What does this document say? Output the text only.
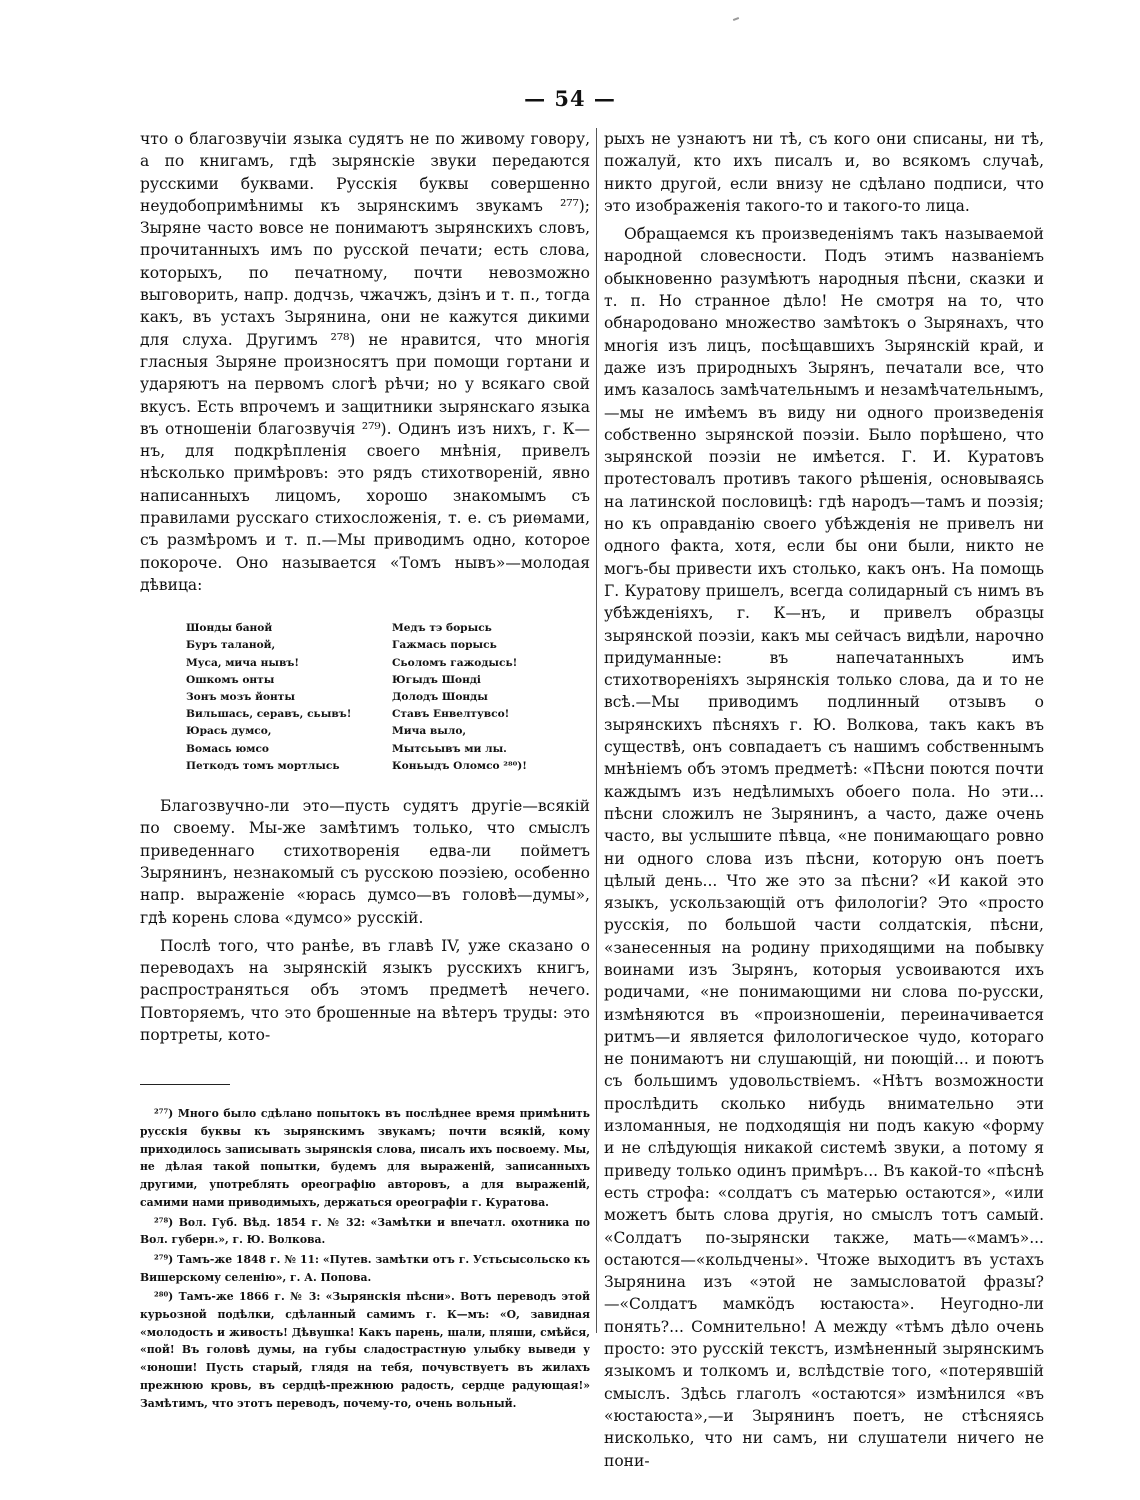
— 54 —

что о благозвучіи языка судятъ не по живому говору, а по книгамъ, гдѣ зырянскіе звуки передаются русскими буквами. Русскія буквы совершенно неудобопримѣнимы къ зырянскимъ звукамъ ²⁷⁷); Зыряне часто вовсе не понимаютъ зырянскихъ словъ, прочитанныхъ имъ по русской печати; есть слова, которыхъ, по печатному, почти невозможно выговорить, напр. додчзь, чжачжъ, дзінъ и т. п., тогда какъ, въ устахъ Зырянина, они не кажутся дикими для слуха. Другимъ ²⁷⁸) не нравится, что многія гласныя Зыряне произносятъ при помощи гортани и ударяютъ на первомъ слогѣ рѣчи; но у всякаго свой вкусъ. Есть впрочемъ и защитники зырянскаго языка въ отношеніи благозвучія ²⁷⁹). Одинъ изъ нихъ, г. К—нъ, для подкрѣпленія своего мнѣнія, привелъ нѣсколько примѣровъ: это рядъ стихотвореній, явно написанныхъ лицомъ, хорошо знакомымъ съ правилами русскаго стихосложенія, т. е. съ риѳмами, съ размѣромъ и т. п.—Мы приводимъ одно, которое покороче. Оно называется «Томъ нывъ»—молодая дѣвица:

Шонды баной
Буръ таланой,
Муса, мича нывъ!
Ошкомъ онты
Зонъ мозъ йонты
Вильшась, серавъ, сьывъ!
Юрась думсо,
Вомась юмсо
Петкодъ томъ мортлысь
Медъ тэ борысь
Гажмась порысь
Сьоломъ гажодысь!
Югыдъ Шондi
Долодъ Шонды
Ставъ Енвелтувсо!
Мича выло,
Мытсьывъ ми лы.
Коньыдъ Оломсо ²⁸⁰)!

Благозвучно-ли это—пусть судятъ другіе—всякій по своему. Мы-же замѣтимъ только, что смыслъ приведеннаго стихотворенія едва-ли пойметъ Зырянинъ, незнакомый съ русскою поэзіею, особенно напр. выраженіе «юрась думсо—въ головѣ—думы», гдѣ корень слова «думсо» русскій.

Послѣ того, что ранѣе, въ главѣ IV, уже сказано о переводахъ на зырянскій языкъ русскихъ книгъ, распространяться объ этомъ предметѣ нечего. Повторяемъ, что это брошенные на вѣтеръ труды: это портреты, кото-

²⁷⁷) Много было сдѣлано попытокъ въ послѣднее время примѣнить русскія буквы къ зырянскимъ звукамъ; почти всякій, кому приходилось записывать зырянскія слова, писалъ ихъ посвоему. Мы, не дѣлая такой попытки, будемъ для выраженій, записанныхъ другими, употреблять ореографію авторовъ, а для выраженій, самими нами приводимыхъ, держаться ореографіи г. Куратова.

²⁷⁸) Вол. Губ. Вѣд. 1854 г. № 32: «Замѣтки и впечатл. охотника по Вол. губерн.», г. Ю. Волкова.

²⁷⁹) Тамъ-же 1848 г. № 11: «Путев. замѣтки отъ г. Устьсысольско къ Вишерскому селенію», г. А. Попова.

²⁸⁰) Тамъ-же 1866 г. № 3: «Зырянскія пѣсни». Вотъ переводъ этой курьозной подѣлки, сдѣланный самимъ г. К—мъ: «О, завидная «молодость и живость! Дѣвушка! Какъ парень, шали, пляши, смѣйся, «пой! Въ головѣ думы, на губы сладострастную улыбку выведи у «юноши! Пусть старый, глядя на тебя, почувствуетъ въ жилахъ прежнюю кровь, въ сердцѣ-прежнюю радость, сердце радующая!» Замѣтимъ, что этотъ переводъ, почему-то, очень вольный.

рыхъ не узнаютъ ни тѣ, съ кого они списаны, ни тѣ, пожалуй, кто ихъ писалъ и, во всякомъ случаѣ, никто другой, если внизу не сдѣлано подписи, что это изображенія такого-то и такого-то лица.

Обращаемся къ произведеніямъ такъ называемой народной словесности. Подъ этимъ названіемъ обыкновенно разумѣютъ народныя пѣсни, сказки и т. п. Но странное дѣло! Не смотря на то, что обнародовано множество замѣтокъ о Зырянахъ, что многія изъ лицъ, посѣщавшихъ Зырянскій край, и даже изъ природныхъ Зырянъ, печатали все, что имъ казалось замѣчательнымъ и незамѣчательнымъ,—мы не имѣемъ въ виду ни одного произведенія собственно зырянской поэзіи. Было порѣшено, что зырянской поэзіи не имѣется. Г. И. Куратовъ протестовалъ противъ такого рѣшенія, основываясь на латинской пословицѣ: гдѣ народъ—тамъ и поэзія; но къ оправданію своего убѣжденія не привелъ ни одного факта, хотя, если бы они были, никто не могъ-бы привести ихъ столько, какъ онъ. На помощь Г. Куратову пришелъ, всегда солидарный съ нимъ въ убѣжденіяхъ, г. К—нъ, и привелъ образцы зырянской поэзіи, какъ мы сейчасъ видѣли, нарочно придуманные: въ напечатанныхъ имъ стихотвореніяхъ зырянскія только слова, да и то не всѣ.—Мы приводимъ подлинный отзывъ о зырянскихъ пѣсняхъ г. Ю. Волкова, такъ какъ въ существѣ, онъ совпадаетъ съ нашимъ собственнымъ мнѣніемъ объ этомъ предметѣ: «Пѣсни поются почти каждымъ изъ недѣлимыхъ обоего пола. Но эти... пѣсни сложилъ не Зырянинъ, а часто, даже очень часто, вы услышите пѣвца, «не понимающаго ровно ни одного слова изъ пѣсни, которую онъ поетъ цѣлый день... Что же это за пѣсни? «И какой это языкъ, ускользающій отъ филологіи? Это «просто русскія, по большой части солдатскія, пѣсни, «занесенныя на родину приходящими на побывку воинами изъ Зырянъ, которыя усвоиваются ихъ родичами, «не понимающими ни слова по-русски, измѣняются въ «произношеніи, переиначивается ритмъ—и является филологическое чудо, котораго не понимаютъ ни слушающій, ни поющій... и поютъ съ большимъ удовольствіемъ. «Нѣтъ возможности прослѣдить сколько нибудь внимательно эти изломанныя, не подходящія ни подъ какую «форму и не слѣдующія никакой системѣ звуки, а потому я приведу только одинъ примѣръ... Въ какой-то «пѣснѣ есть строфа: «солдатъ съ матерью остаются», «или можетъ быть слова другія, но смыслъ тотъ самый. «Солдатъ по-зырянски также, мать—«мамъ»... остаются—«кольдчены». Чтоже выходитъ въ устахъ Зырянина изъ «этой не замысловатой фразы?—«Солдатъ мамкӧдъ юстаюста». Неугодно-ли понять?... Сомнительно! А между «тѣмъ дѣло очень просто: это русскій текстъ, измѣненный зырянскимъ языкомъ и толкомъ и, вслѣдствіе того, «потерявшій смыслъ. Здѣсь глаголъ «остаются» измѣнился «въ «юстаюста»,—и Зырянинъ поетъ, не стѣсняясь нисколько, что ни самъ, ни слушатели ничего не пони-
